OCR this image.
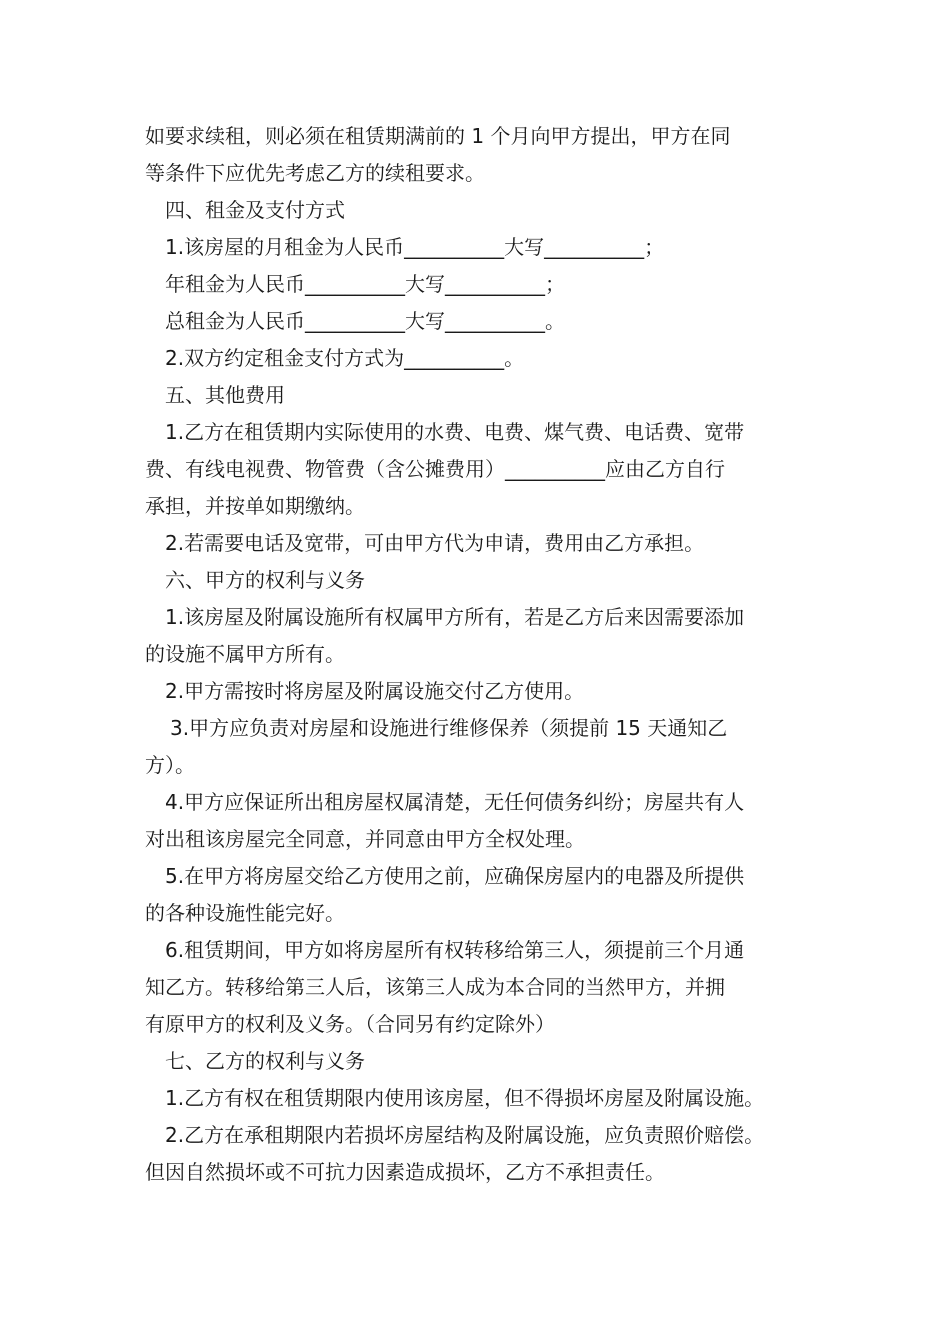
如要求续租，则必须在租赁期满前的 1 个月向甲方提出，甲方在同
等条件下应优先考虑乙方的续租要求。
四、租金及支付方式
1.该房屋的月租金为人民币__________大写__________；
年租金为人民币__________大写__________；
总租金为人民币__________大写__________。
2.双方约定租金支付方式为__________。
五、其他费用
1.乙方在租赁期内实际使用的水费、电费、煤气费、电话费、宽带
费、有线电视费、物管费（含公摊费用）__________应由乙方自行
承担，并按单如期缴纳。
2.若需要电话及宽带，可由甲方代为申请，费用由乙方承担。
六、甲方的权利与义务
1.该房屋及附属设施所有权属甲方所有，若是乙方后来因需要添加
的设施不属甲方所有。
2.甲方需按时将房屋及附属设施交付乙方使用。
3.甲方应负责对房屋和设施进行维修保养（须提前 15 天通知乙
方）。
4.甲方应保证所出租房屋权属清楚，无任何债务纠纷；房屋共有人
对出租该房屋完全同意，并同意由甲方全权处理。
5.在甲方将房屋交给乙方使用之前，应确保房屋内的电器及所提供
的各种设施性能完好。
6.租赁期间，甲方如将房屋所有权转移给第三人，须提前三个月通
知乙方。转移给第三人后，该第三人成为本合同的当然甲方，并拥
有原甲方的权利及义务。（合同另有约定除外）
七、乙方的权利与义务
1.乙方有权在租赁期限内使用该房屋，但不得损坏房屋及附属设施。
2.乙方在承租期限内若损坏房屋结构及附属设施，应负责照价赔偿。
但因自然损坏或不可抗力因素造成损坏，乙方不承担责任。
